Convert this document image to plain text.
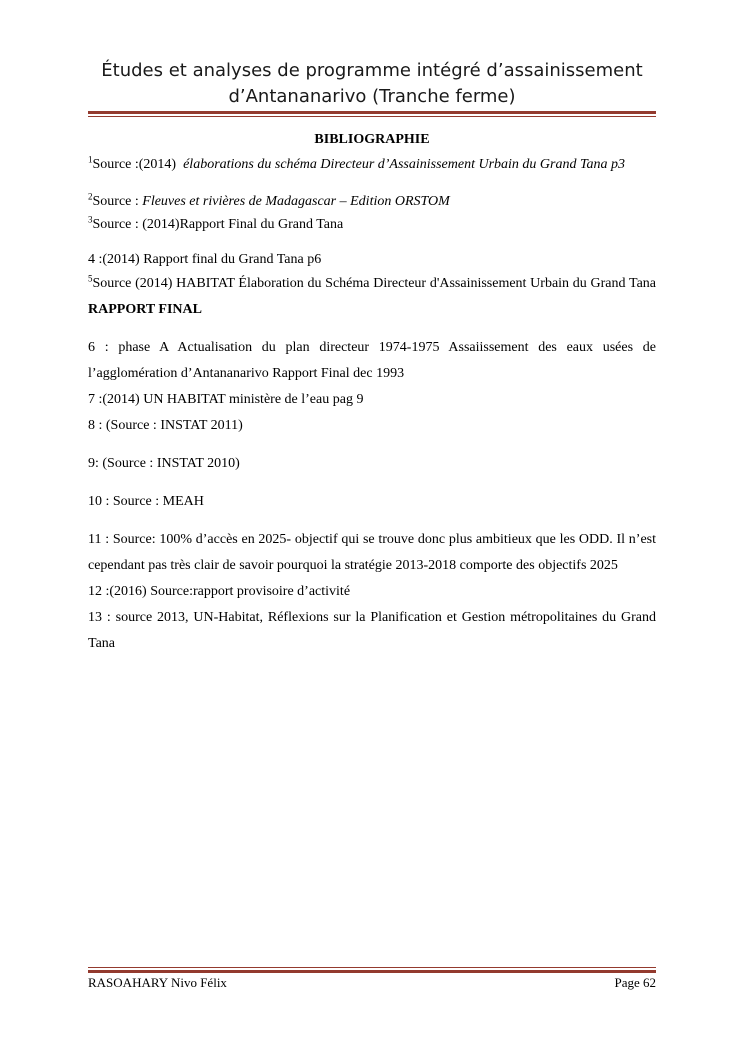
Études et analyses de programme intégré d’assainissement
d’Antananarivo (Tranche ferme)

BIBLIOGRAPHIE

$^1$Source :(2014)  élaborations du schéma Directeur d’Assainissement Urbain du Grand Tana p3

$^2$Source : Fleuves et rivières de Madagascar – Edition ORSTOM

$^3$Source : (2014)Rapport Final du Grand Tana

4 :(2014) Rapport final du Grand Tana p6

$^5$Source (2014) HABITAT Élaboration du Schéma Directeur d'Assainissement Urbain du Grand Tana RAPPORT FINAL

6 : phase A Actualisation du plan directeur 1974-1975 Assaiissement des eaux usées de l’agglomération d’Antananarivo Rapport Final dec 1993

7 :(2014) UN HABITAT ministère de l’eau pag 9

8 : (Source : INSTAT 2011)

9: (Source : INSTAT 2010)

10 : Source : MEAH

11 : Source: 100% d’accès en 2025- objectif qui se trouve donc plus ambitieux que les ODD. Il n’est cependant pas très clair de savoir pourquoi la stratégie 2013-2018 comporte des objectifs 2025

12 :(2016) Source:rapport provisoire d’activité

13 : source 2013, UN-Habitat, Réflexions sur la Planification et Gestion métropolitaines du Grand Tana

RASOAHARY Nivo Félix	Page 62
